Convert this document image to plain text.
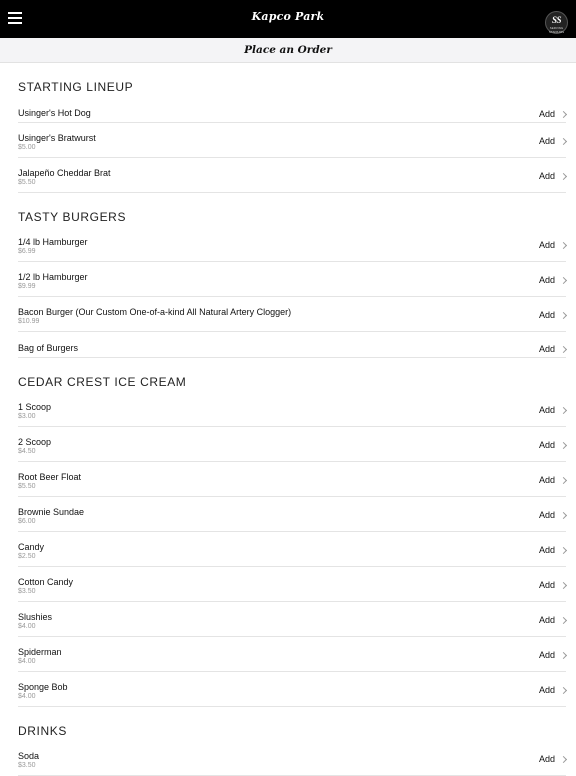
Kapco Park	SS
SERVING STADIUMS
Place an Order
STARTING LINEUP
Usinger's Hot Dog	Add
Usinger's Bratwurst
$5.00
Add
Jalapeño Cheddar Brat
$5.50
Add
TASTY BURGERS
1/4 lb Hamburger
$6.99
Add
1/2 lb Hamburger
$9.99
Add
Bacon Burger (Our Custom One-of-a-kind All Natural Artery Clogger)
$10.99
Add
Bag of Burgers	Add
CEDAR CREST ICE CREAM
1 Scoop
$3.00
Add
2 Scoop
$4.50
Add
Root Beer Float
$5.50
Add
Brownie Sundae
$6.00
Add
Candy
$2.50
Add
Cotton Candy
$3.50
Add
Slushies
$4.00
Add
Spiderman
$4.00
Add
Sponge Bob
$4.00
Add
DRINKS
Soda
$3.50
Add
